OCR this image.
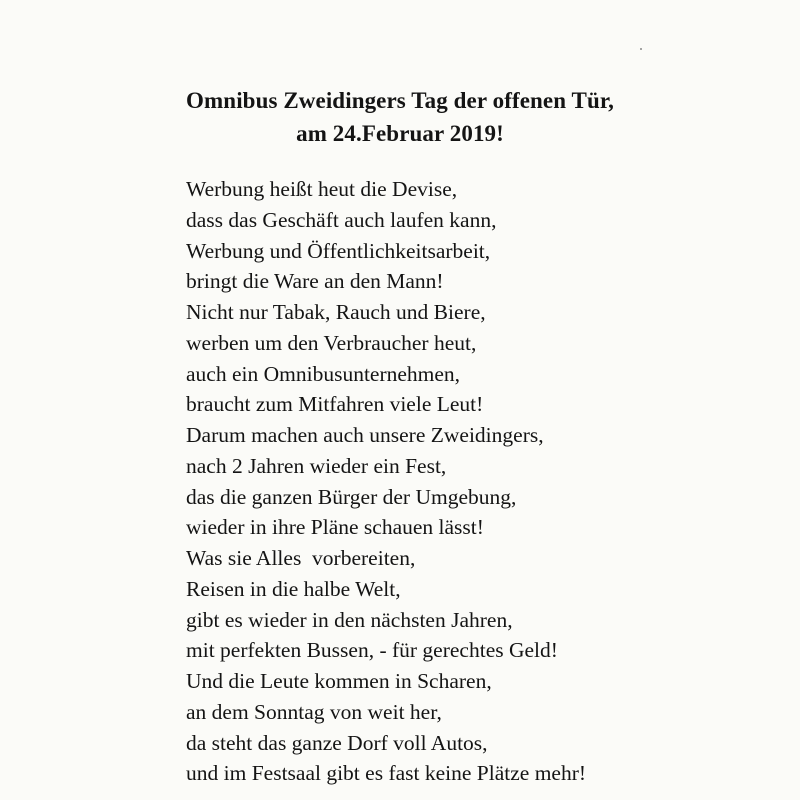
Omnibus Zweidingers Tag der offenen Tür,
am 24.Februar 2019!
Werbung heißt heut die Devise,
dass das Geschäft auch laufen kann,
Werbung und Öffentlichkeitsarbeit,
bringt die Ware an den Mann!
Nicht nur Tabak, Rauch und Biere,
werben um den Verbraucher heut,
auch ein Omnibusunternehmen,
braucht zum Mitfahren viele Leut!
Darum machen auch unsere Zweidingers,
nach 2 Jahren wieder ein Fest,
das die ganzen Bürger der Umgebung,
wieder in ihre Pläne schauen lässt!
Was sie Alles  vorbereiten,
Reisen in die halbe Welt,
gibt es wieder in den nächsten Jahren,
mit perfekten Bussen, - für gerechtes Geld!
Und die Leute kommen in Scharen,
an dem Sonntag von weit her,
da steht das ganze Dorf voll Autos,
und im Festsaal gibt es fast keine Plätze mehr!
